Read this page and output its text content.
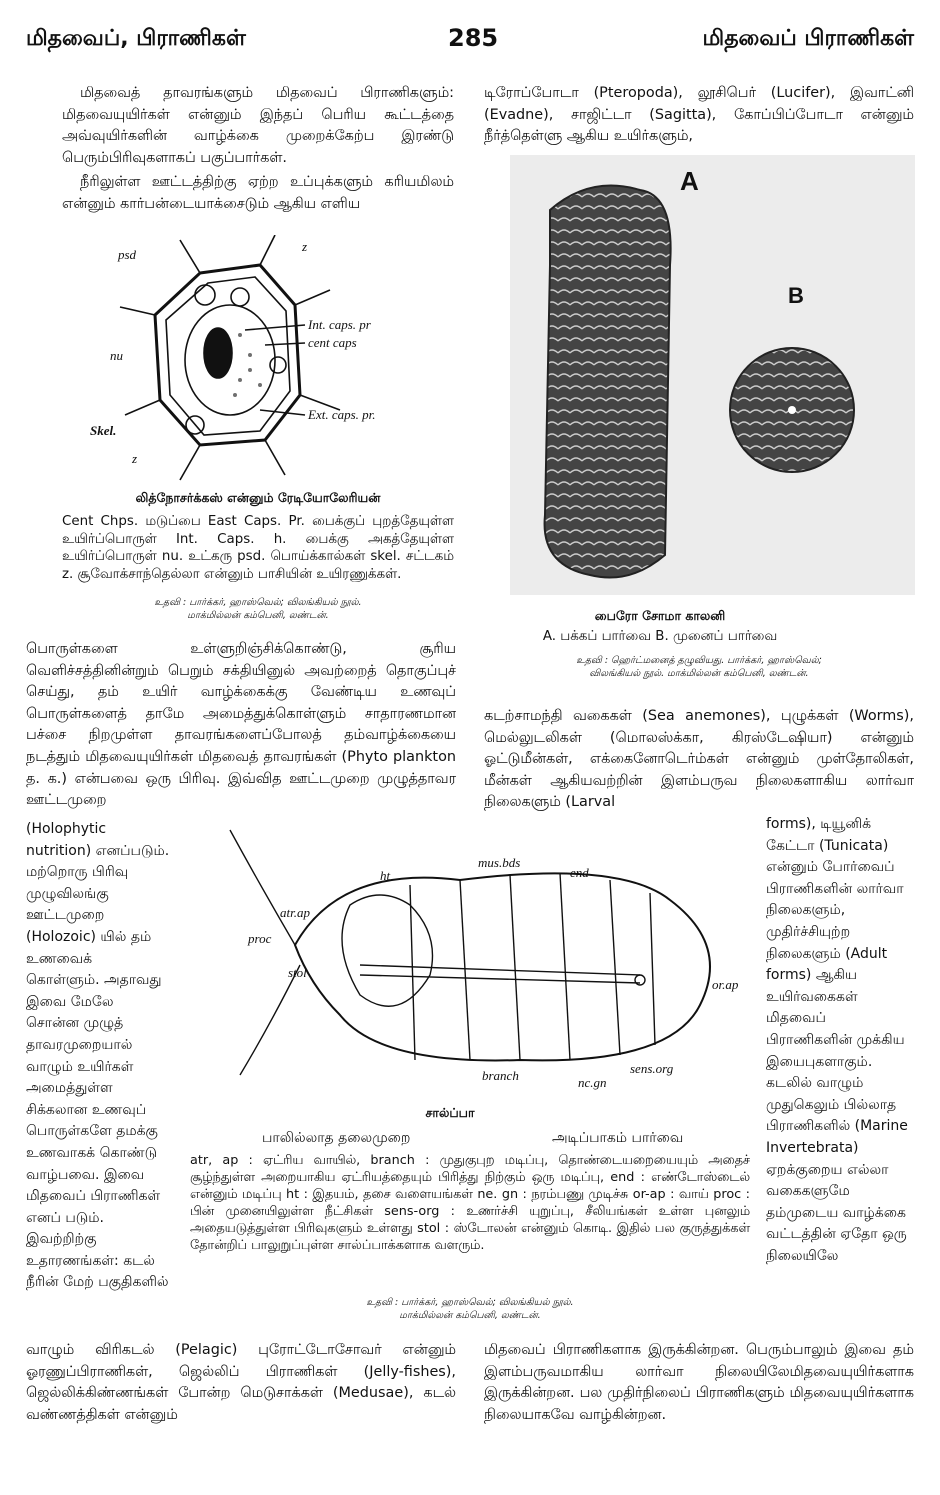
மிதவைப், பிராணிகள்	285	மிதவைப் பிராணிகள்
மிதவைத் தாவரங்களும் மிதவைப் பிராணிகளும்: மிதவையுயிர்கள் என்னும் இந்தப் பெரிய கூட்டத்தை அவ்வுயிர்களின் வாழ்க்கை முறைக்கேற்ப இரண்டு பெரும்பிரிவுகளாகப் பகுப்பார்கள்.
நீரிலுள்ள ஊட்டத்திற்கு ஏற்ற உப்புக்களும் கரியமிலம் என்னும் கார்பன்டையாக்சைடும் ஆகிய எளிய
psd
z
Int. caps. pr
cent caps
nu
Ext. caps. pr.
Skel.
z
லித்நோசர்க்கஸ் என்னும் ரேடியோலேரியன்
Cent Chps. மடுப்பை East Caps. Pr. பைக்குப் புறத்தேயுள்ள உயிர்ப்பொருள் Int. Caps. h. பைக்கு அகத்தேயுள்ள உயிர்ப்பொருள் nu. உட்கரு psd. பொய்க்கால்கள் skel. சட்டகம் z. சூவோக்சாந்தெல்லா என்னும் பாசியின் உயிரணுக்கள்.
உதவி : பார்க்கர், ஹாஸ்வெல்; விலங்கியல் நூல்.
மாக்மில்லன் கம்பெனி, லண்டன்.
பொருள்களை உள்ளுறிஞ்சிக்கொண்டு, சூரிய வெளிச்சத்தினின்றும் பெறும் சக்தியினுல் அவற்றைத் தொகுப்புச் செய்து, தம் உயிர் வாழ்க்கைக்கு வேண்டிய உணவுப் பொருள்களைத் தாமே அமைத்துக்கொள்ளும் சாதாரணமான பச்சை நிறமுள்ள தாவரங்களைப்போலத் தம்வாழ்க்கையை நடத்தும் மிதவையுயிர்கள் மிதவைத் தாவரங்கள் (Phyto plankton த. க.) என்பவை ஒரு பிரிவு. இவ்வித ஊட்டமுறை முழுத்தாவர ஊட்டமுறை
(Holophytic nutrition) எனப்படும். மற்றொரு பிரிவு முழுவிலங்கு ஊட்டமுறை (Holozoic) யில் தம் உணவைக் கொள்ளும். அதாவது இவை மேலே சொன்ன முழுத் தாவரமுறையால் வாழும் உயிர்கள் அமைத்துள்ள சிக்கலான உணவுப் பொருள்களே தமக்கு உணவாகக் கொண்டு வாழ்பவை. இவை மிதவைப் பிராணிகள் எனப் படும். இவற்றிற்கு உதாரணங்கள்: கடல் நீரின் மேற் பகுதிகளில்
வாழும் விரிகடல் (Pelagic) புரோட்டோசோவர் என்னும் ஓரணுப்பிராணிகள், ஜெல்லிப் பிராணிகள் (Jelly-fishes), ஜெல்லிக்கிண்ணங்கள் போன்ற மெடுசாக்கள் (Medusae), கடல் வண்ணத்திகள் என்னும்
டிரோப்போடா (Pteropoda), லூசிபெர் (Lucifer), இவாட்னி (Evadne), சாஜிட்டா (Sagitta), கோப்பிப்போடா என்னும் நீர்த்தெள்ளு ஆகிய உயிர்களும்,
A
B
பைரோ சோமா காலனி
A. பக்கப் பார்வை B. முனைப் பார்வை
உதவி : ஹெர்ட்மனைத் தழுவியது. பார்க்கர், ஹாஸ்வெல்;
விலங்கியல் நூல். மாக்மில்லன் கம்பெனி, லண்டன்.
கடற்சாமந்தி வகைகள் (Sea anemones), புழுக்கள் (Worms), மெல்லுடலிகள் (மொலஸ்க்கா, கிரஸ்டேஷியா) என்னும் ஓட்டுமீன்கள், எக்கைனோடெர்ம்கள் என்னும் முள்தோலிகள், மீன்கள் ஆகியவற்றின் இளம்பருவ நிலைகளாகிய லார்வா நிலைகளும் (Larval
forms), டியூனிக் கேட்டா (Tunicata) என்னும் போர்வைப் பிராணிகளின் லார்வா நிலைகளும், முதிர்ச்சியுற்ற நிலைகளும் (Adult forms) ஆகிய உயிர்வகைகள் மிதவைப் பிராணிகளின் முக்கிய இயைபுகளாகும். கடலில் வாழும் முதுகெலும் பில்லாத பிராணிகளில் (Marine Invertebrata) ஏறக்குறைய எல்லா வகைகளுமே தம்முடைய வாழ்க்கை வட்டத்தின் ஏதோ ஒரு நிலையிலே
மிதவைப் பிராணிகளாக இருக்கின்றன. பெரும்பாலும் இவை தம் இளம்பருவமாகிய லார்வா நிலையிலேமிதவையுயிர்களாக இருக்கின்றன. பல முதிர்நிலைப் பிராணிகளும் மிதவையுயிர்களாக நிலையாகவே வாழ்கின்றன.
ht
mus.bds
end
atr.ap
proc
stol
or.ap
branch	nc.gn
sens.org
சால்ப்பா
பாலில்லாத தலைமுறை	அடிப்பாகம் பார்வை
atr, ap : ஏட்ரிய வாயில், branch : முதுகுபுற மடிப்பு, தொண்டையறையையும் அதைச் சூழ்ந்துள்ள அறையாகிய ஏட்ரியத்தையும் பிரித்து நிற்கும் ஒரு மடிப்பு, end : எண்டோஸ்டைல் என்னும் மடிப்பு ht : இதயம், தசை வளையங்கள் ne. gn : நரம்பணு முடிச்சு or-ap : வாய் proc : பின் முனையிலுள்ள நீட்சிகள் sens-org : உணர்ச்சி யுறுப்பு, சீலியங்கள் உள்ள புனலும் அதையடுத்துள்ள பிரிவுகளும் உள்ளது stol : ஸ்டோலன் என்னும் கொடி. இதில் பல குருத்துக்கள் தோன்றிப் பாலுறுப்புள்ள சால்ப்பாக்களாக வளரும்.
உதவி : பார்க்கர், ஹாஸ்வெல்; விலங்கியல் நூல்.
மாக்மில்லன் கம்பெனி, லண்டன்.
